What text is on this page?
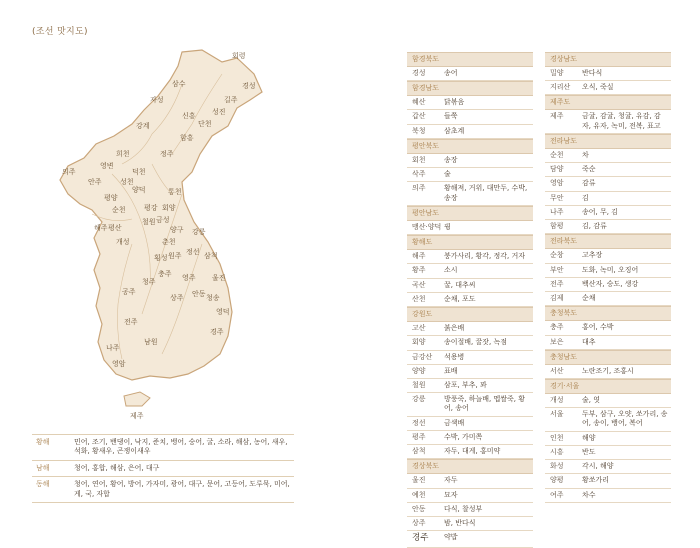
(조선 맛지도)
회령
경성
길주
성진
단천
신흥
함흥
정주
강계
의주
삼수
자성
희천
영변
안주
평양
양덕
덕천
성천
순천
통천
회양
철원 금성
양구
춘천
강릉
평강
개성
해주 평산
원주
횡성
정선 삼척
울진
영주
안동 청송
영덕
경주
상주
충주
청주
공주
전주
남원
나주
영암
제주
황해	민어, 조기, 밴댕이, 낙지, 준치, 뱅어, 숭어, 굴, 소라, 해삼, 농어, 새우, 석화, 황새우, 곤쟁이새우
남해	청어, 홍합, 해삼, 은어, 대구
동해	청어, 연어, 황어, 방어, 가자미, 광어, 대구, 문어, 고등어, 도루묵, 미어, 게, 국, 자합
함경북도
경성	송어
함경남도
혜산	닭볶음
갑산	들쭉
북청	삼초계
평안북도
회천	송장
삭주	술
의주	황해져, 거위, 대만두, 수박, 송장
평안남도
맹산·양덕 꿩
황해도
해주	붕가사리, 황각, 정각, 거자
황주	소시
곡산	꿀, 대추씨
산천	순채, 포도
강원도
고산	붉은배
회양	송이절배, 꿀잣, 녹점
금강산	석용병
양양	표배
철원	삼포, 부추, 꽈
강릉	방풍죽, 하늘배, 멥쌀죽, 황어, 송어
정선	금색배
평주	수박, 가미쪽
삼척	자두, 대게, 홍미약
경상북도
울진	자두
예천	묘자
안동	다식, 찰성부
상주	밤, 반다식
경주	약밥
경상남도
밀양	반다식
지리산	오식, 죽실
제주도
제주	금귤, 감귤, 청귤, 유감, 감자, 유자, 녹미, 전복, 표고
전라남도
순천	차
담양	죽순
영암	감류
무안	김
나주	송어, 무, 김
함평	김, 감류
전라북도
순창	고추장
부안	도화, 녹미, 오징어
전주	백산자, 승도, 생강
김제	순채
충청북도
충주	홍어, 수박
보은	대추
충청남도
서산	노란조기, 조홍시
경기·서울
개성	술, 엿
서울	두부, 삼구, 오얏, 쏘가리, 송어, 송이, 뱅어, 복어
인천	해양
시흥	반도
화성	각시, 해양
양평	황쏘가리
여주	차수
